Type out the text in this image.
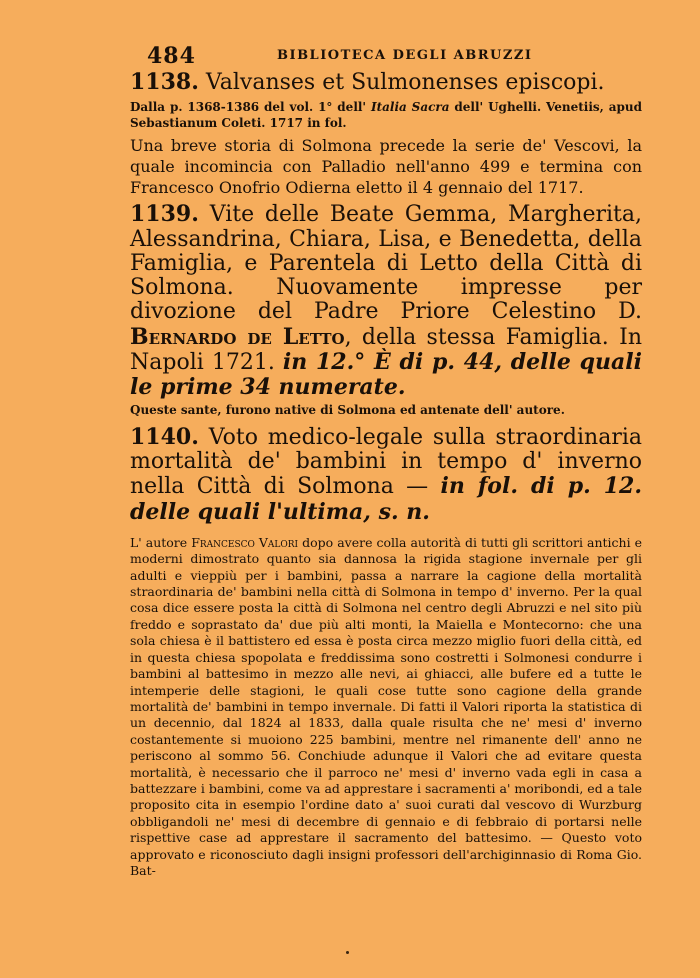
484	BIBLIOTECA DEGLI ABRUZZI

1138. Valvanses et Sulmonenses episcopi.

Dalla p. 1368-1386 del vol. 1° dell' Italia Sacra dell' Ughelli. Venetiis, apud Sebastianum Coleti. 1717 in fol.

Una breve storia di Solmona precede la serie de' Vescovi, la quale incomincia con Palladio nell'anno 499 e termina con Francesco Onofrio Odierna eletto il 4 gennaio del 1717.

1139. Vite delle Beate Gemma, Margherita, Alessandrina, Chiara, Lisa, e Benedetta, della Famiglia, e Parentela di Letto della Città di Solmona. Nuovamente impresse per divozione del Padre Priore Celestino D. Bernardo de Letto, della stessa Famiglia. In Napoli 1721. in 12.° È di p. 44, delle quali le prime 34 numerate.

Queste sante, furono native di Solmona ed antenate dell' autore.

1140. Voto medico-legale sulla straordinaria mortalità de' bambini in tempo d' inverno nella Città di Solmona — in fol. di p. 12. delle quali l'ultima, s. n.

L' autore Francesco Valori dopo avere colla autorità di tutti gli scrittori antichi e moderni dimostrato quanto sia dannosa la rigida stagione invernale per gli adulti e vieppiù per i bambini, passa a narrare la cagione della mortalità straordinaria de' bambini nella città di Solmona in tempo d' inverno. Per la qual cosa dice essere posta la città di Solmona nel centro degli Abruzzi e nel sito più freddo e soprastato da' due più alti monti, la Maiella e Montecorno: che una sola chiesa è il battistero ed essa è posta circa mezzo miglio fuori della città, ed in questa chiesa spopolata e freddissima sono costretti i Solmonesi condurre i bambini al battesimo in mezzo alle nevi, ai ghiacci, alle bufere ed a tutte le intemperie delle stagioni, le quali cose tutte sono cagione della grande mortalità de' bambini in tempo invernale. Di fatti il Valori riporta la statistica di un decennio, dal 1824 al 1833, dalla quale risulta che ne' mesi d' inverno costantemente si muoiono 225 bambini, mentre nel rimanente dell' anno ne periscono al sommo 56. Conchiude adunque il Valori che ad evitare questa mortalità, è necessario che il parroco ne' mesi d' inverno vada egli in casa a battezzare i bambini, come va ad apprestare i sacramenti a' moribondi, ed a tale proposito cita in esempio l'ordine dato a' suoi curati dal vescovo di Wurzburg obbligandoli ne' mesi di decembre di gennaio e di febbraio di portarsi nelle rispettive case ad apprestare il sacramento del battesimo. — Questo voto approvato e riconosciuto dagli insigni professori dell'archiginnasio di Roma Gio. Bat-
